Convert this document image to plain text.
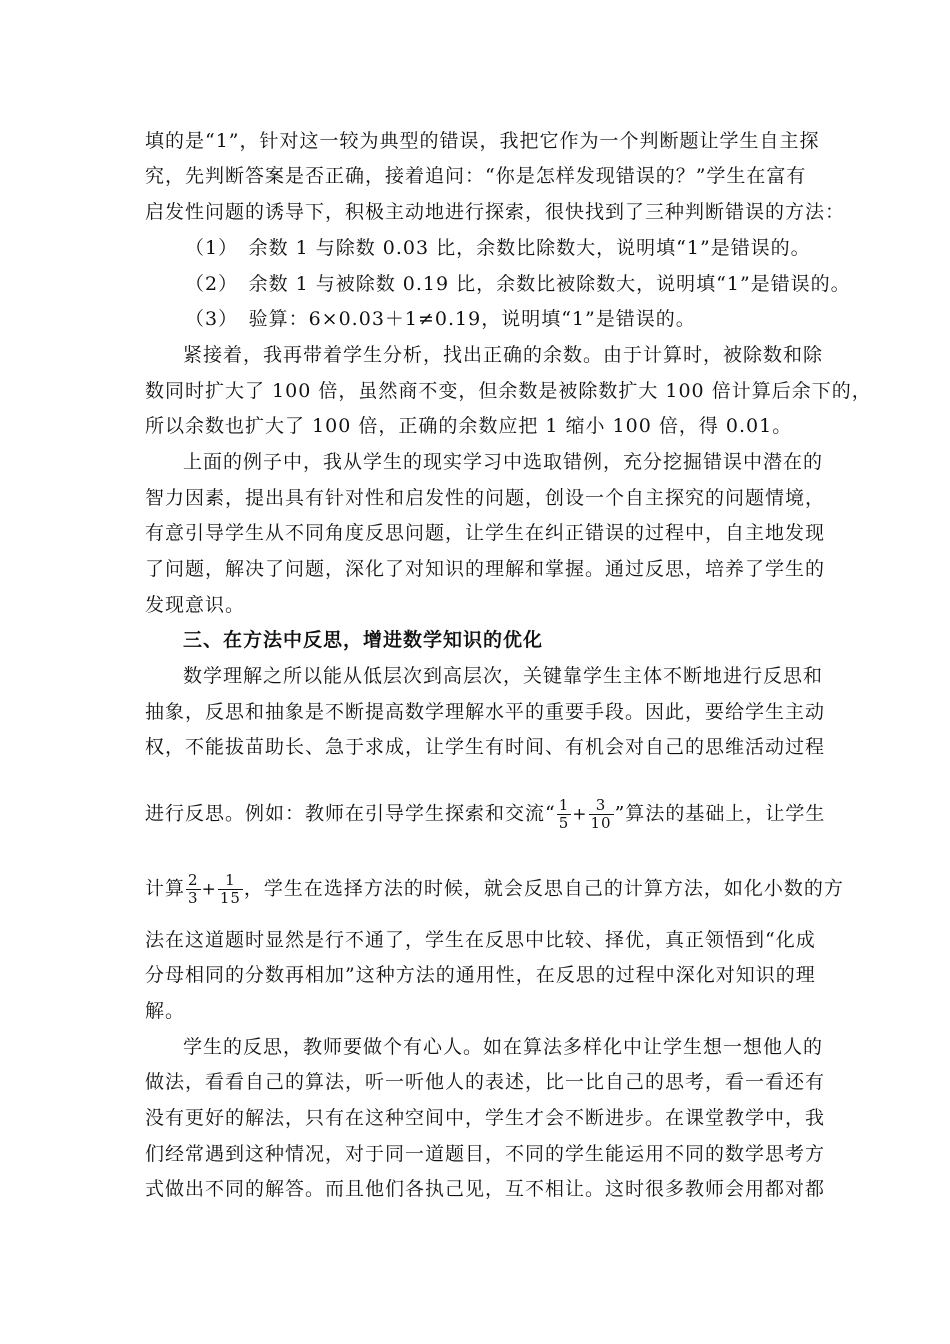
填的是“1”，针对这一较为典型的错误，我把它作为一个判断题让学生自主探
究，先判断答案是否正确，接着追问：“你是怎样发现错误的？”学生在富有
启发性问题的诱导下，积极主动地进行探索，很快找到了三种判断错误的方法：
（1）　余数 1 与除数 0.03 比，余数比除数大，说明填“1”是错误的。
（2）　余数 1 与被除数 0.19 比，余数比被除数大，说明填“1”是错误的。
（3）　验算：6×0.03＋1≠0.19，说明填“1”是错误的。
紧接着，我再带着学生分析，找出正确的余数。由于计算时，被除数和除
数同时扩大了 100 倍，虽然商不变，但余数是被除数扩大 100 倍计算后余下的，
所以余数也扩大了 100 倍，正确的余数应把 1 缩小 100 倍，得 0.01。
上面的例子中，我从学生的现实学习中选取错例，充分挖掘错误中潜在的
智力因素，提出具有针对性和启发性的问题，创设一个自主探究的问题情境，
有意引导学生从不同角度反思问题，让学生在纠正错误的过程中，自主地发现
了问题，解决了问题，深化了对知识的理解和掌握。通过反思，培养了学生的
发现意识。
三、在方法中反思，增进数学知识的优化
数学理解之所以能从低层次到高层次，关键靠学生主体不断地进行反思和
抽象，反思和抽象是不断提高数学理解水平的重要手段。因此，要给学生主动
权，不能拔苗助长、急于求成，让学生有时间、有机会对自己的思维活动过程
进行反思。例如：教师在引导学生探索和交流“ $\frac{1}{5} + \frac{3}{10}$ ”算法的基础上，让学生
计算 $\frac{2}{3} + \frac{1}{15}$ ，学生在选择方法的时候，就会反思自己的计算方法，如化小数的方
法在这道题时显然是行不通了，学生在反思中比较、择优，真正领悟到“化成
分母相同的分数再相加”这种方法的通用性，在反思的过程中深化对知识的理
解。
学生的反思，教师要做个有心人。如在算法多样化中让学生想一想他人的
做法，看看自己的算法，听一听他人的表述，比一比自己的思考，看一看还有
没有更好的解法，只有在这种空间中，学生才会不断进步。在课堂教学中，我
们经常遇到这种情况，对于同一道题目，不同的学生能运用不同的数学思考方
式做出不同的解答。而且他们各执己见，互不相让。这时很多教师会用都对都
